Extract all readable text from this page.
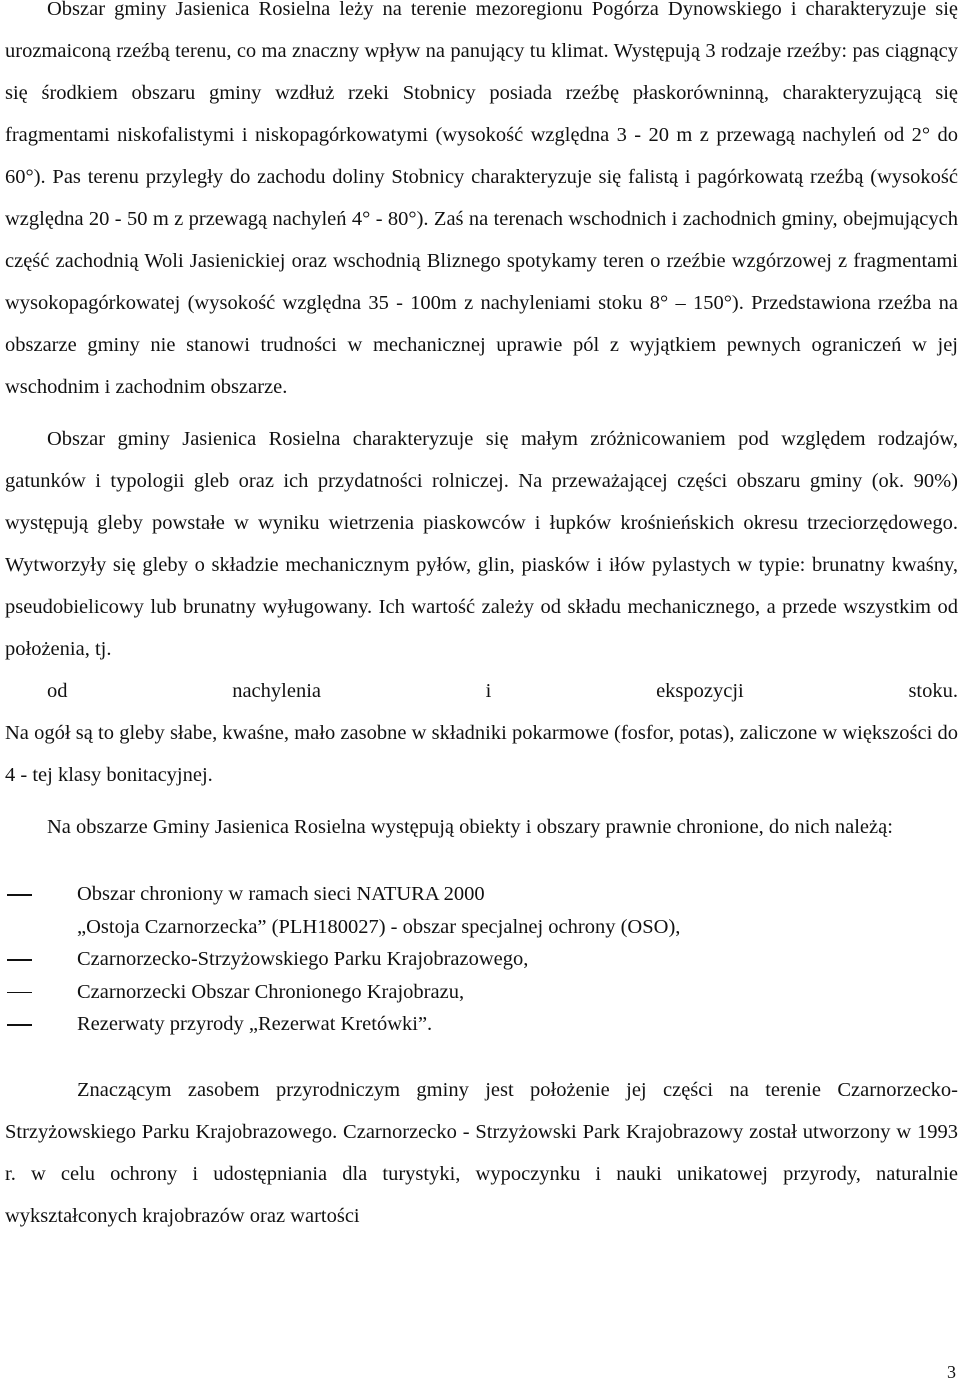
Obszar gminy Jasienica Rosielna leży na terenie mezoregionu Pogórza Dynowskiego i charakteryzuje się urozmaiconą rzeźbą terenu, co ma znaczny wpływ na panujący tu klimat. Występują 3 rodzaje rzeźby: pas ciągnący się środkiem obszaru gminy wzdłuż rzeki Stobnicy posiada rzeźbę płaskorówninną, charakteryzującą się fragmentami niskofalistymi i niskopagórkowatymi (wysokość względna 3 - 20 m z przewagą nachyleń od 2° do 60°). Pas terenu przyległy do zachodu doliny Stobnicy charakteryzuje się falistą i pagórkowatą rzeźbą (wysokość względna 20 - 50 m z przewagą nachyleń 4° - 80°). Zaś na terenach wschodnich i zachodnich gminy, obejmujących część zachodnią Woli Jasienickiej oraz wschodnią Bliznego spotykamy teren o rzeźbie wzgórzowej z fragmentami wysokopagórkowatej (wysokość względna 35 - 100m z nachyleniami stoku 8° – 150°). Przedstawiona rzeźba na obszarze gminy nie stanowi trudności w mechanicznej uprawie pól z wyjątkiem pewnych ograniczeń w jej wschodnim i zachodnim obszarze.

Obszar gminy Jasienica Rosielna charakteryzuje się małym zróżnicowaniem pod względem rodzajów, gatunków i typologii gleb oraz ich przydatności rolniczej. Na przeważającej części obszaru gminy (ok. 90%) występują gleby powstałe w wyniku wietrzenia piaskowców i łupków krośnieńskich okresu trzeciorzędowego. Wytworzyły się gleby o składzie mechanicznym pyłów, glin, piasków i iłów pylastych w typie: brunatny kwaśny, pseudobielicowy lub brunatny wyługowany. Ich wartość zależy od składu mechanicznego, a przede wszystkim od położenia, tj.
od nachylenia i ekspozycji stoku.

Na ogół są to gleby słabe, kwaśne, mało zasobne w składniki pokarmowe (fosfor, potas), zaliczone w większości do 4 - tej klasy bonitacyjnej.

Na obszarze Gminy Jasienica Rosielna występują obiekty i obszary prawnie chronione, do nich należą:

Obszar chroniony w ramach sieci NATURA 2000
„Ostoja Czarnorzecka” (PLH180027) - obszar specjalnej ochrony (OSO),
Czarnorzecko-Strzyżowskiego Parku Krajobrazowego,
Czarnorzecki Obszar Chronionego Krajobrazu,
Rezerwaty przyrody „Rezerwat Kretówki”.

Znaczącym zasobem przyrodniczym gminy jest położenie jej części na terenie Czarnorzecko-Strzyżowskiego Parku Krajobrazowego. Czarnorzecko - Strzyżowski Park Krajobrazowy został utworzony w 1993 r. w celu ochrony i udostępniania dla turystyki, wypoczynku i nauki unikatowej przyrody, naturalnie wykształconych krajobrazów oraz wartości

3
